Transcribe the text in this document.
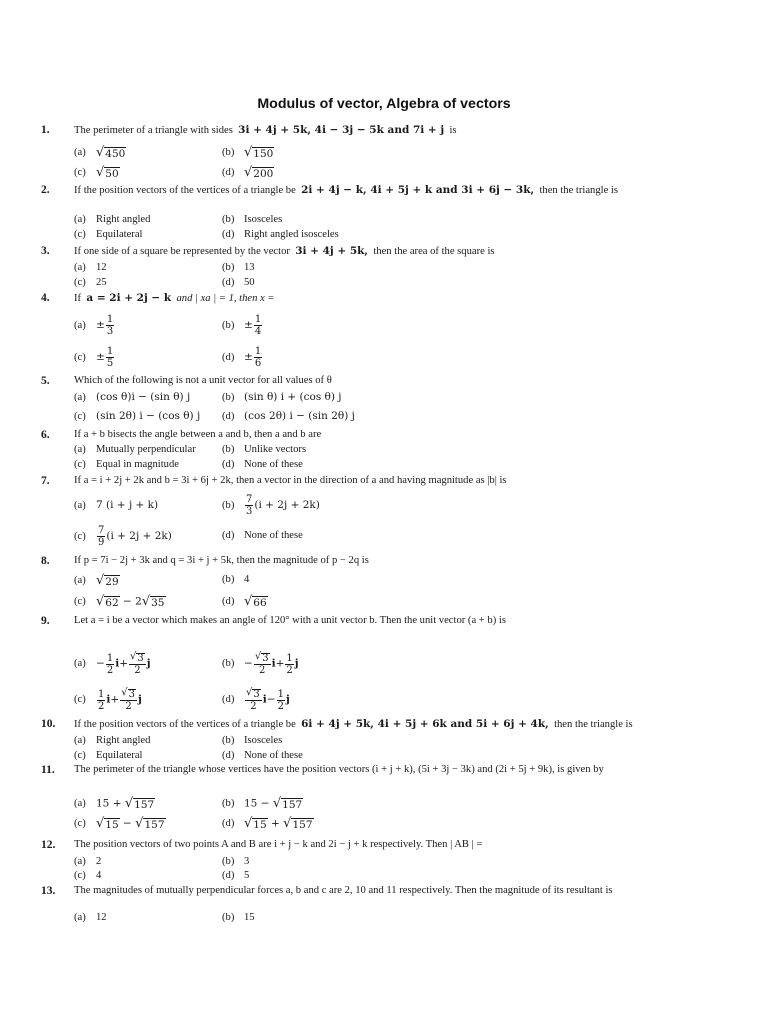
Modulus of vector, Algebra of vectors
1. The perimeter of a triangle with sides 3i + 4j + 5k, 4i − 3j − 5k and 7i + j is
(a) √ 450	(b) √ 150
(c) √ 50	(d) √ 200
2. If the position vectors of the vertices of a triangle be 2i + 4j − k, 4i + 5j + k and 3i + 6j − 3k, then the triangle is
(a) Right angled	(b) Isosceles
(c) Equilateral	(d) Right angled isosceles
3. If one side of a square be represented by the vector 3i + 4j + 5k, then the area of the square is
(a) 12	(b) 13
(c) 25	(d) 50
4. If a = 2i + 2j − k and | xa | = 1, then x =
$(a) \pm \frac{1}{3}$	$(b) \pm \frac{1}{4}$
$(c) \pm \frac{1}{5}$	$(d) \pm \frac{1}{6}$
5. Which of the following is not a unit vector for all values of θ
(a) (cos θ)i − (sin θ) j	(b) (sin θ) i + (cos θ) j
(c) (sin 2θ) i − (cos θ) j (d) (cos 2θ) i − (sin 2θ) j
6. If a + b bisects the angle between a and b, then a and b are
(a) Mutually perpendicular (b) Unlike vectors
(c) Equal in magnitude	(d) None of these
7. If a = i + 2j + 2k and b = 3i + 6j + 2k, then a vector in the direction of a and having magnitude as |b| is
(a) 7 (i + j + k)	$(b) \frac{7}{3} (i + 2j + 2k)$
$(c) \frac{7}{9} (i + 2j + 2k)$	(d) None of these
8. If p = 7i − 2j + 3k and q = 3i + j + 5k, then the magnitude of p − 2q is
(a) √ 29	(b) 4
(c) √ 62 − 2 √ 35	(d) √ 66
9. Let a = i be a vector which makes an angle of 120° with a unit vector b. Then the unit vector (a + b) is
$(a) - \frac{1}{2} i+ \frac{√ 3}{2}$ j	$(b) - \frac{√ 3}{2} i+ \frac{1}{2}$ j
$(c) \frac{1}{2} i+ \frac{√ 3}{2}$ j	$(d) \frac{√ 3}{2} i- \frac{1}{2}$ j
10. If the position vectors of the vertices of a triangle be 6i + 4j + 5k, 4i + 5j + 6k and 5i + 6j + 4k, then the triangle is
(a) Right angled	(b) Isosceles
(c) Equilateral	(d) None of these
11. The perimeter of the triangle whose vertices have the position vectors (i + j + k), (5i + 3j − 3k) and (2i + 5j + 9k), is given by
(a) 15 + √ 157	(b) 15 − √ 157
(c) √ 15 − √ 157	(d) √ 15 + √ 157
12. The position vectors of two points A and B are i + j − k and 2i − j + k respectively. Then | AB | =
(a) 2	(b) 3
(c) 4	(d) 5
13. The magnitudes of mutually perpendicular forces a, b and c are 2, 10 and 11 respectively. Then the magnitude of its resultant is
(a) 12	(b) 15
